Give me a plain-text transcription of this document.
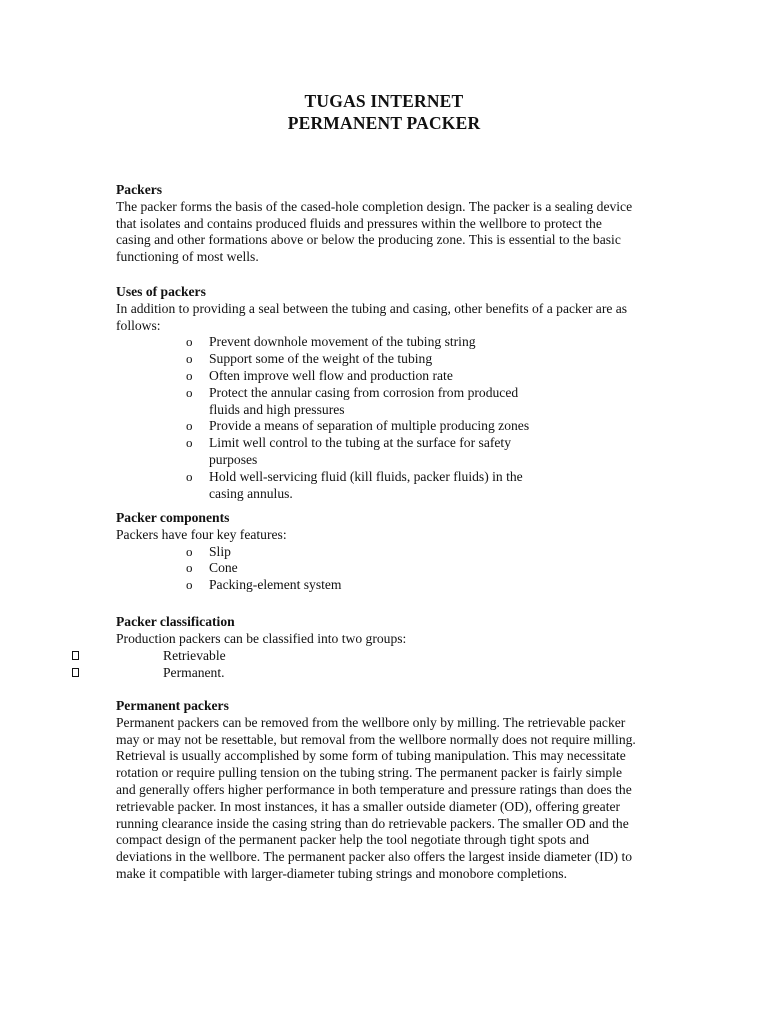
TUGAS INTERNET
PERMANENT PACKER

Packers

The packer forms the basis of the cased-hole completion design. The packer is a sealing device that isolates and contains produced fluids and pressures within the wellbore to protect the casing and other formations above or below the producing zone. This is essential to the basic functioning of most wells.

Uses of packers

In addition to providing a seal between the tubing and casing, other benefits of a packer are as follows:

o Prevent downhole movement of the tubing string
o Support some of the weight of the tubing
o Often improve well flow and production rate
o Protect the annular casing from corrosion from produced fluids and high pressures
o Provide a means of separation of multiple producing zones
o Limit well control to the tubing at the surface for safety purposes
o Hold well-servicing fluid (kill fluids, packer fluids) in the casing annulus.

Packer components

Packers have four key features:

o Slip
o Cone
o Packing-element system

Packer classification

Production packers can be classified into two groups:

Retrievable
Permanent.

Permanent packers

Permanent packers can be removed from the wellbore only by milling. The retrievable packer may or may not be resettable, but removal from the wellbore normally does not require milling. Retrieval is usually accomplished by some form of tubing manipulation. This may necessitate rotation or require pulling tension on the tubing string. The permanent packer is fairly simple and generally offers higher performance in both temperature and pressure ratings than does the retrievable packer. In most instances, it has a smaller outside diameter (OD), offering greater running clearance inside the casing string than do retrievable packers. The smaller OD and the compact design of the permanent packer help the tool negotiate through tight spots and deviations in the wellbore. The permanent packer also offers the largest inside diameter (ID) to make it compatible with larger-diameter tubing strings and monobore completions.
